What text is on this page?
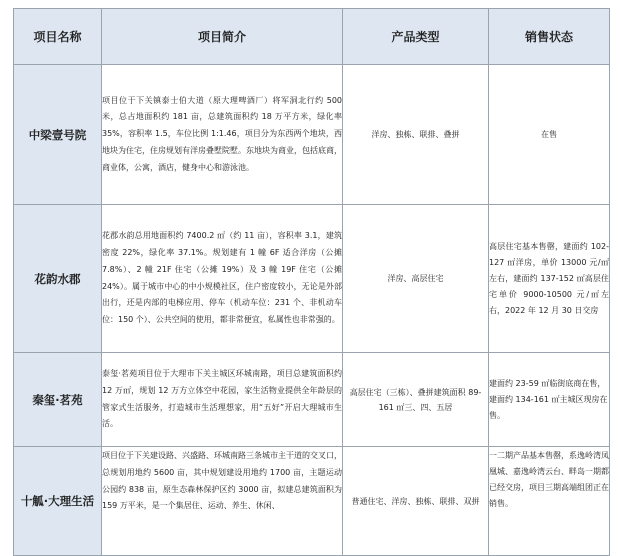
项目名称	项目简介	产品类型	销售状态
中梁壹号院	项目位于下关镇泰士伯大道（原大理啤酒厂）将军洞北行约 500 米，总占地面积约 181 亩，总建筑面积约 18 万平方米，绿化率 35%，容积率 1.5，车位比例 1:1.46，项目分为东西两个地块，西地块为住宅，住房规划有洋房叠墅院墅。东地块为商业，包括底商，商业体，公寓，酒店，健身中心和游泳池。	洋房、独栋、联排、叠拼	在售
花韵水郡	花郡水韵总用地面积约 7400.2 ㎡（约 11 亩），容积率 3.1，建筑密度 22%，绿化率 37.1%。规划建有 1 幢 6F 适合洋房（公摊 7.8%）、2 幢 21F 住宅（公摊 19%）及 3 幢 19F 住宅（公摊 24%）。属于城市中心的中小规模社区，住户密度较小，无论是外部出行，还是内部的电梯应用、停车（机动车位：231 个、非机动车位：150 个）、公共空间的使用，都非常便宜，私属性也非常强的。	洋房、高层住宅	高层住宅基本售罄，建面约 102-127 ㎡洋房，单价 13000 元/㎡左右，建面约 137-152 ㎡高层住宅单价 9000-10500 元/㎡左右，2022 年 12 月 30 日交房
秦玺·茗苑	泰玺·茗苑项目位于大理市下关主城区环城南路，项目总建筑面积约 12 万㎡，规划 12 万方立体空中花园，家生活物业提供全年龄层的管家式生活服务，打造城市生活理想家，用“五好”开启大理城市生活。	高层住宅（三栋）、叠拼建筑面积 89-161 ㎡三、四、五居	建面约 23-59 ㎡临街底商在售，建面约 134-161 ㎡主城区现房在售。
十觚·大理生活	项目位于下关建设路、兴盛路、环城南路三条城市主干道的交叉口，总规划用地约 5600 亩，其中规划建设用地约 1700 亩，主题运动公园约 838 亩，原生态森林保护区约 3000 亩，拟建总建筑面积为 159 万平米，是一个集居住、运动、养生、休闲、	普通住宅、洋房、独栋、联排、双拼	一二期产品基本售罄，系逸岭湾凤凰城、嘉逸岭湾云台、畔岛一期都已经交房，项目三期高端组团正在销售。
